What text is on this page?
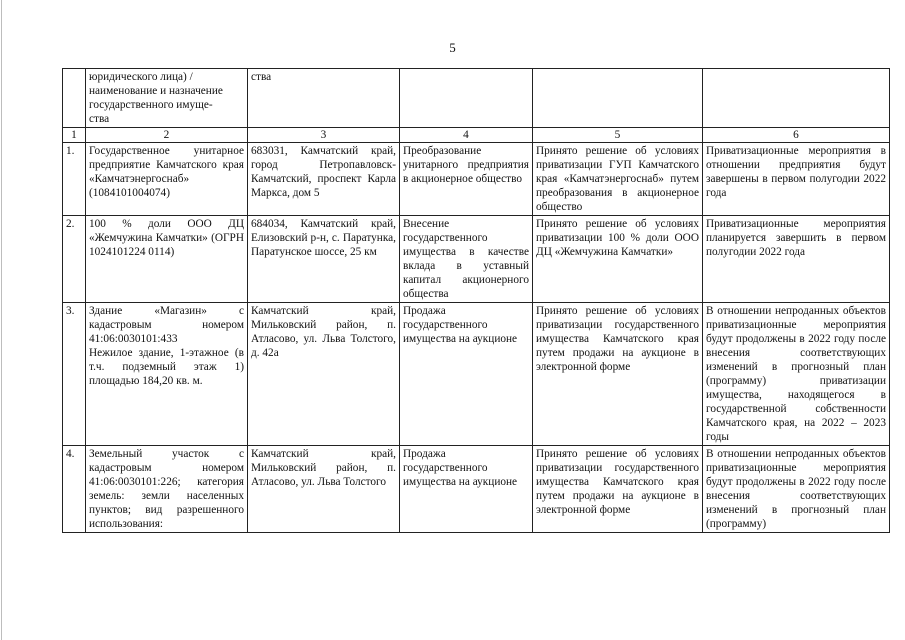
5
	юридического лица) /
наименование и назначение
государственного имуще-
ства	ства			
1	2	3	4	5	6
1.	Государственное унитарное предприятие Камчатского края «Камчатэнергоснаб» (1084101004074)	683031, Камчатский край, город Петропавловск-Камчатский, проспект Карла Маркса, дом 5	Преобразование унитарного предприятия в акционерное общество	Принято решение об условиях приватизации ГУП Камчатского края «Камчатэнергоснаб» путем преобразования в акционерное общество	Приватизационные мероприятия в отношении предприятия будут завершены в первом полугодии 2022 года
2.	100 % доли ООО ДЦ «Жемчужина Камчатки» (ОГРН 1024101224 0114)	684034, Камчатский край, Елизовский р-н, с. Паратунка, Паратунское шоссе, 25 км	Внесение государственного имущества в качестве вклада в уставный капитал акционерного общества	Принято решение об условиях приватизации 100 % доли ООО ДЦ «Жемчужина Камчатки»	Приватизационные мероприятия планируется завершить в первом полугодии 2022 года
3.	Здание «Магазин» с кадастровым номером 41:06:0030101:433
Нежилое здание, 1-этажное (в т.ч. подземный этаж 1) площадью 184,20 кв. м.	Камчатский край, Мильковский район, п. Атласово, ул. Льва Толстого, д. 42а	Продажа государственного имущества на аукционе	Принято решение об условиях приватизации государственного имущества Камчатского края путем продажи на аукционе в электронной форме	В отношении непроданных объектов приватизационные мероприятия будут продолжены в 2022 году после внесения соответствующих изменений в прогнозный план (программу) приватизации имущества, находящегося в государственной собственности Камчатского края, на 2022 – 2023 годы
4.	Земельный участок с кадастровым номером 41:06:0030101:226; категория земель: земли населенных пунктов; вид разрешенного использования:	Камчатский край, Мильковский район, п. Атласово, ул. Льва Толстого	Продажа государственного имущества на аукционе	Принято решение об условиях приватизации государственного имущества Камчатского края путем продажи на аукционе в электронной форме	В отношении непроданных объектов приватизационные мероприятия будут продолжены в 2022 году после внесения соответствующих изменений в прогнозный план (программу)
